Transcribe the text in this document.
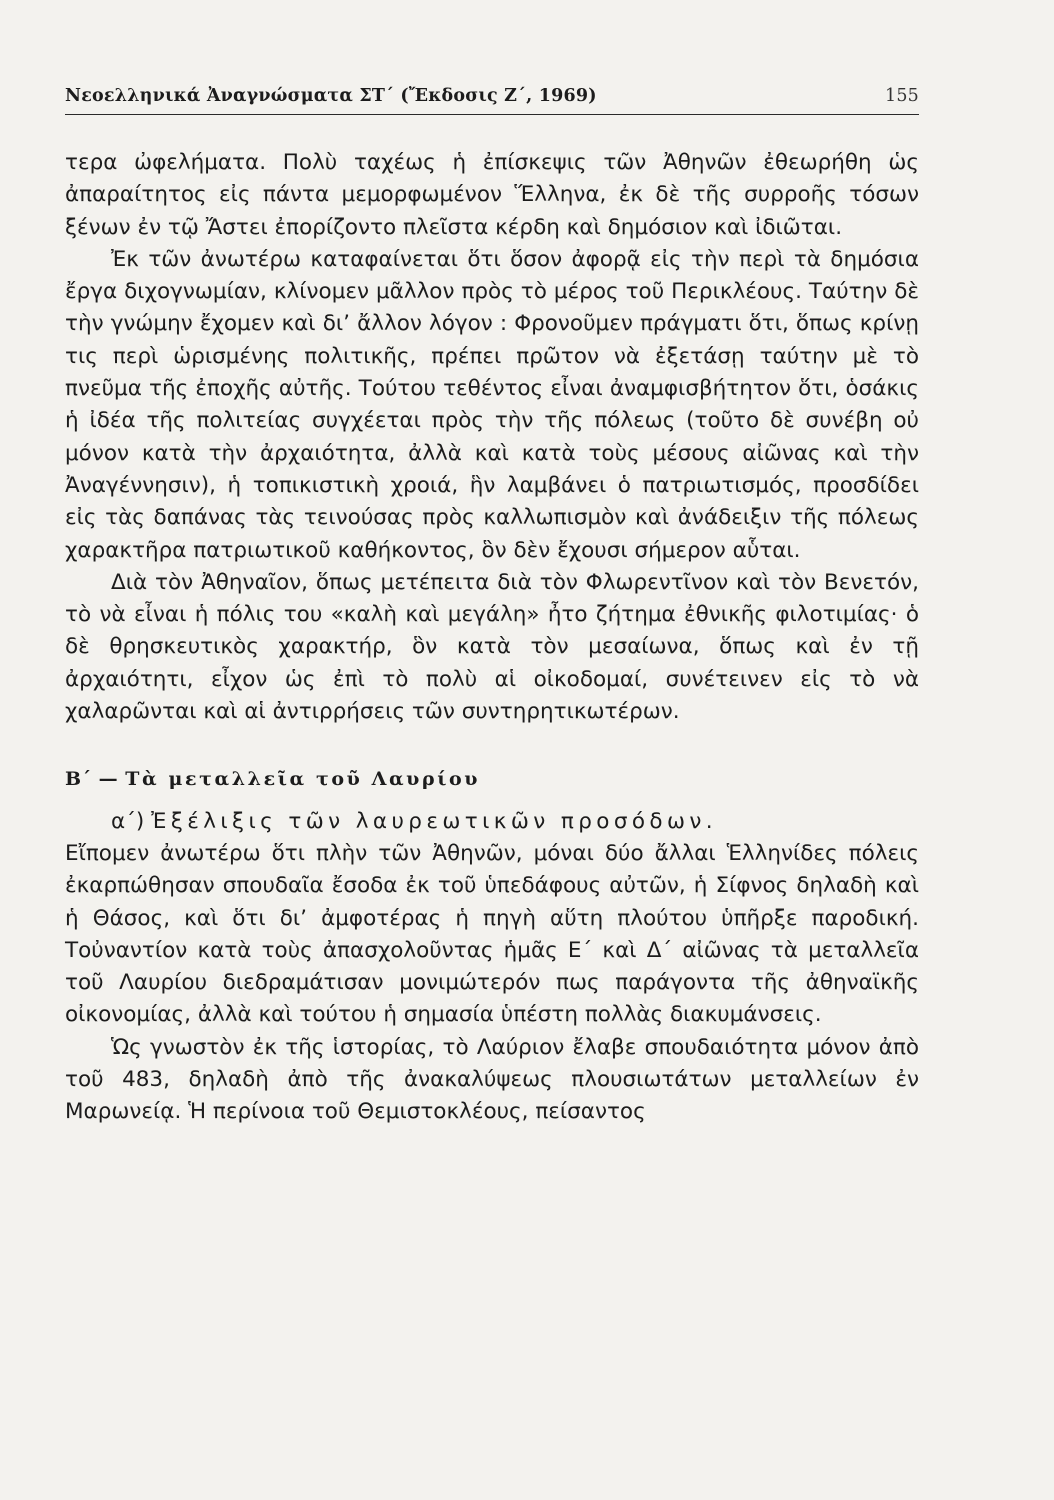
Νεοελληνικά Ἀναγνώσματα ΣΤ΄ (Ἔκδοσις Ζ΄, 1969)	155

τερα ὠφελήματα. Πολὺ ταχέως ἡ ἐπίσκεψις τῶν Ἀθηνῶν ἐθεωρήθη ὡς ἀπαραίτητος εἰς πάντα μεμορφωμένον Ἕλληνα, ἐκ δὲ τῆς συρροῆς τόσων ξένων ἐν τῷ Ἄστει ἐπορίζοντο πλεῖστα κέρδη καὶ δημόσιον καὶ ἰδιῶται.

Ἐκ τῶν ἀνωτέρω καταφαίνεται ὅτι ὅσον ἀφορᾷ εἰς τὴν περὶ τὰ δημόσια ἔργα διχογνωμίαν, κλίνομεν μᾶλλον πρὸς τὸ μέρος τοῦ Περικλέους. Ταύτην δὲ τὴν γνώμην ἔχομεν καὶ δι’ ἄλλον λόγον : Φρονοῦμεν πράγματι ὅτι, ὅπως κρίνῃ τις περὶ ὡρισμένης πολιτικῆς, πρέπει πρῶτον νὰ ἐξετάσῃ ταύτην μὲ τὸ πνεῦμα τῆς ἐποχῆς αὐτῆς. Τούτου τεθέντος εἶναι ἀναμφισβήτητον ὅτι, ὁσάκις ἡ ἰδέα τῆς πολιτείας συγχέεται πρὸς τὴν τῆς πόλεως (τοῦτο δὲ συνέβη οὐ μόνον κατὰ τὴν ἀρχαιότητα, ἀλλὰ καὶ κατὰ τοὺς μέσους αἰῶνας καὶ τὴν Ἀναγέννησιν), ἡ τοπικιστικὴ χροιά, ἣν λαμβάνει ὁ πατριωτισμός, προσδίδει εἰς τὰς δαπάνας τὰς τεινούσας πρὸς καλλωπισμὸν καὶ ἀνάδειξιν τῆς πόλεως χαρακτῆρα πατριωτικοῦ καθήκοντος, ὃν δὲν ἔχουσι σήμερον αὗται.

Διὰ τὸν Ἀθηναῖον, ὅπως μετέπειτα διὰ τὸν Φλωρεντῖνον καὶ τὸν Βενετόν, τὸ νὰ εἶναι ἡ πόλις του «καλὴ καὶ μεγάλη» ἦτο ζήτημα ἐθνικῆς φιλοτιμίας· ὁ δὲ θρησκευτικὸς χαρακτήρ, ὃν κατὰ τὸν μεσαίωνα, ὅπως καὶ ἐν τῇ ἀρχαιότητι, εἶχον ὡς ἐπὶ τὸ πολὺ αἱ οἰκοδομαί, συνέτεινεν εἰς τὸ νὰ χαλαρῶνται καὶ αἱ ἀντιρρήσεις τῶν συντηρητικωτέρων.

Β΄ — Τὰ μεταλλεῖα τοῦ Λαυρίου

α΄) Ἐξέλιξις τῶν λαυρεωτικῶν προσόδων.

Εἴπομεν ἀνωτέρω ὅτι πλὴν τῶν Ἀθηνῶν, μόναι δύο ἄλλαι Ἑλληνίδες πόλεις ἐκαρπώθησαν σπουδαῖα ἔσοδα ἐκ τοῦ ὑπεδάφους αὐτῶν, ἡ Σίφνος δηλαδὴ καὶ ἡ Θάσος, καὶ ὅτι δι’ ἀμφοτέρας ἡ πηγὴ αὕτη πλούτου ὑπῆρξε παροδική. Τοὐναντίον κατὰ τοὺς ἀπασχολοῦντας ἡμᾶς Ε΄ καὶ Δ΄ αἰῶνας τὰ μεταλλεῖα τοῦ Λαυρίου διεδραμάτισαν μονιμώτερόν πως παράγοντα τῆς ἀθηναϊκῆς οἰκονομίας, ἀλλὰ καὶ τούτου ἡ σημασία ὑπέστη πολλὰς διακυμάνσεις.

Ὡς γνωστὸν ἐκ τῆς ἱστορίας, τὸ Λαύριον ἔλαβε σπουδαιότητα μόνον ἀπὸ τοῦ 483, δηλαδὴ ἀπὸ τῆς ἀνακαλύψεως πλουσιωτάτων μεταλλείων ἐν Μαρωνείᾳ. Ἡ περίνοια τοῦ Θεμιστοκλέους, πείσαντος
